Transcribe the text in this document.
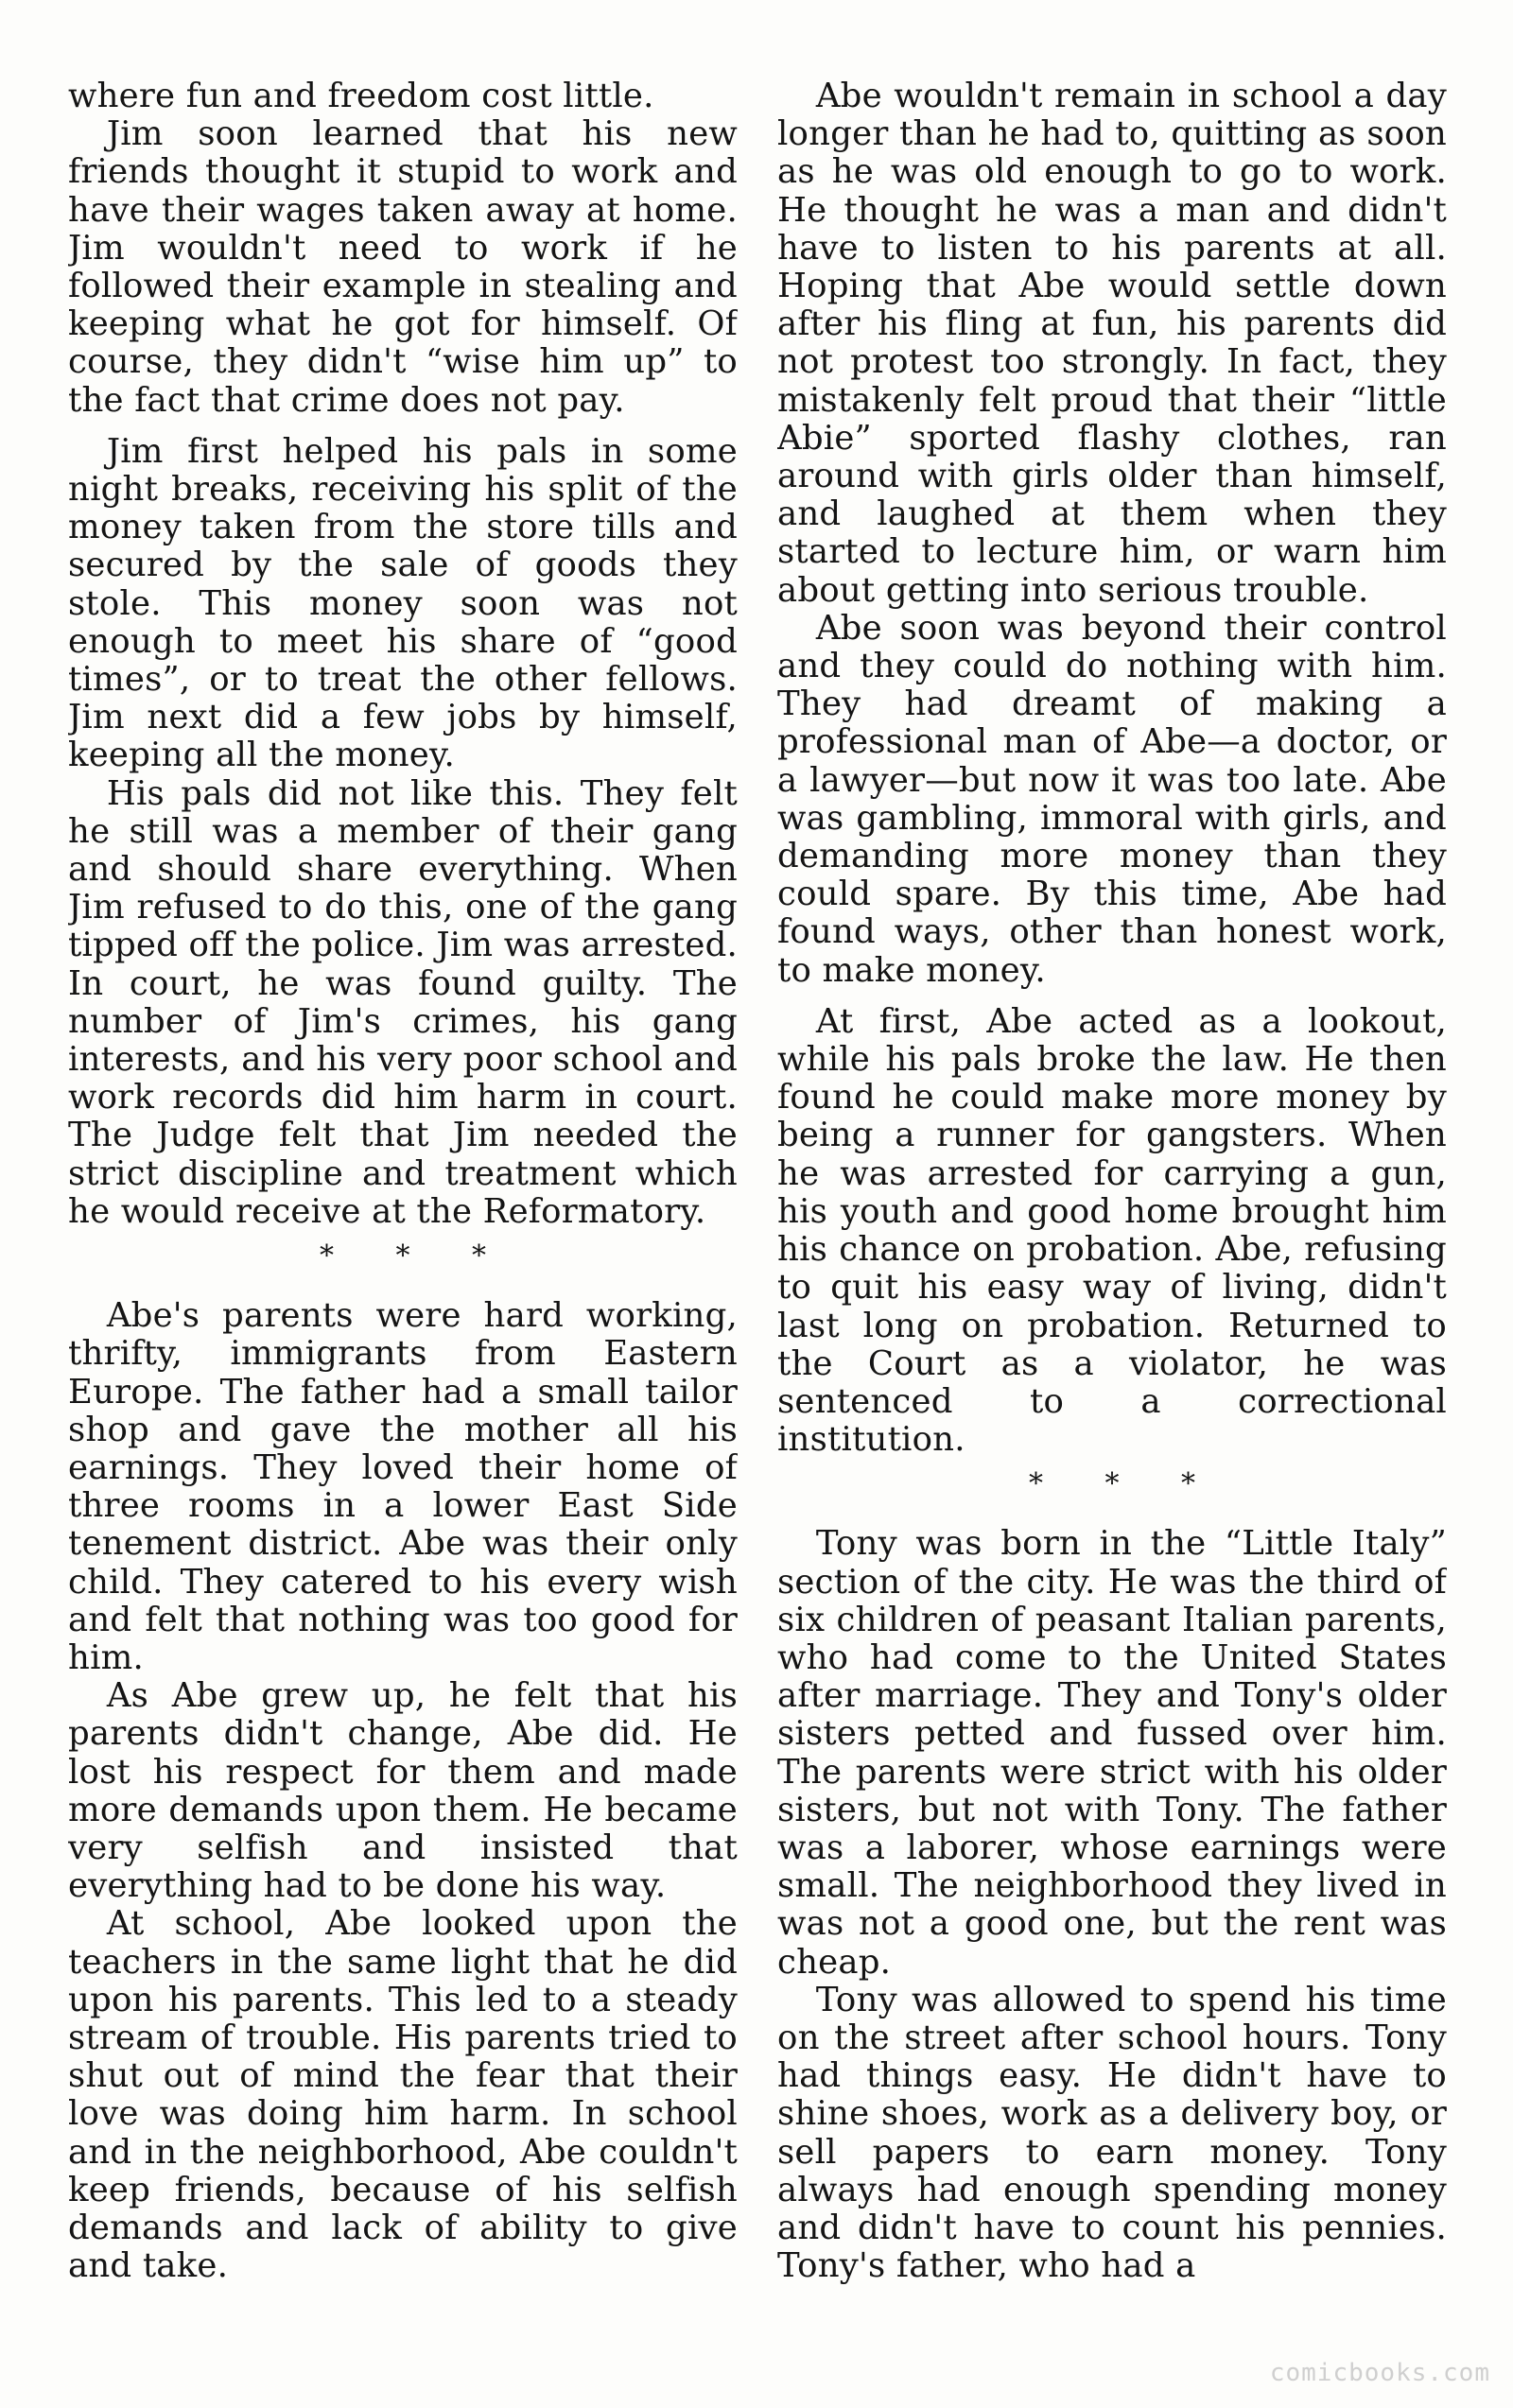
where fun and freedom cost little.

Jim soon learned that his new friends thought it stupid to work and have their wages taken away at home. Jim wouldn't need to work if he followed their example in stealing and keeping what he got for himself. Of course, they didn't “wise him up” to the fact that crime does not pay.

Jim first helped his pals in some night breaks, receiving his split of the money taken from the store tills and secured by the sale of goods they stole. This money soon was not enough to meet his share of “good times”, or to treat the other fellows. Jim next did a few jobs by himself, keeping all the money.

His pals did not like this. They felt he still was a member of their gang and should share everything. When Jim refused to do this, one of the gang tipped off the police. Jim was arrested. In court, he was found guilty. The number of Jim's crimes, his gang interests, and his very poor school and work records did him harm in court. The Judge felt that Jim needed the strict discipline and treatment which he would receive at the Reformatory.

* * *

Abe's parents were hard working, thrifty, immigrants from Eastern Europe. The father had a small tailor shop and gave the mother all his earnings. They loved their home of three rooms in a lower East Side tenement district. Abe was their only child. They catered to his every wish and felt that nothing was too good for him.

As Abe grew up, he felt that his parents didn't change, Abe did. He lost his respect for them and made more demands upon them. He became very selfish and insisted that everything had to be done his way.

At school, Abe looked upon the teachers in the same light that he did upon his parents. This led to a steady stream of trouble. His parents tried to shut out of mind the fear that their love was doing him harm. In school and in the neighborhood, Abe couldn't keep friends, because of his selfish demands and lack of ability to give and take.

Abe wouldn't remain in school a day longer than he had to, quitting as soon as he was old enough to go to work. He thought he was a man and didn't have to listen to his parents at all. Hoping that Abe would settle down after his fling at fun, his parents did not protest too strongly. In fact, they mistakenly felt proud that their “little Abie” sported flashy clothes, ran around with girls older than himself, and laughed at them when they started to lecture him, or warn him about getting into serious trouble.

Abe soon was beyond their control and they could do nothing with him. They had dreamt of making a professional man of Abe—a doctor, or a lawyer—but now it was too late. Abe was gambling, immoral with girls, and demanding more money than they could spare. By this time, Abe had found ways, other than honest work, to make money.

At first, Abe acted as a lookout, while his pals broke the law. He then found he could make more money by being a runner for gangsters. When he was arrested for carrying a gun, his youth and good home brought him his chance on probation. Abe, refusing to quit his easy way of living, didn't last long on probation. Returned to the Court as a violator, he was sentenced to a correctional institution.

* * *

Tony was born in the “Little Italy” section of the city. He was the third of six children of peasant Italian parents, who had come to the United States after marriage. They and Tony's older sisters petted and fussed over him. The parents were strict with his older sisters, but not with Tony. The father was a laborer, whose earnings were small. The neighborhood they lived in was not a good one, but the rent was cheap.

Tony was allowed to spend his time on the street after school hours. Tony had things easy. He didn't have to shine shoes, work as a delivery boy, or sell papers to earn money. Tony always had enough spending money and didn't have to count his pennies. Tony's father, who had a

comicbooks.com
